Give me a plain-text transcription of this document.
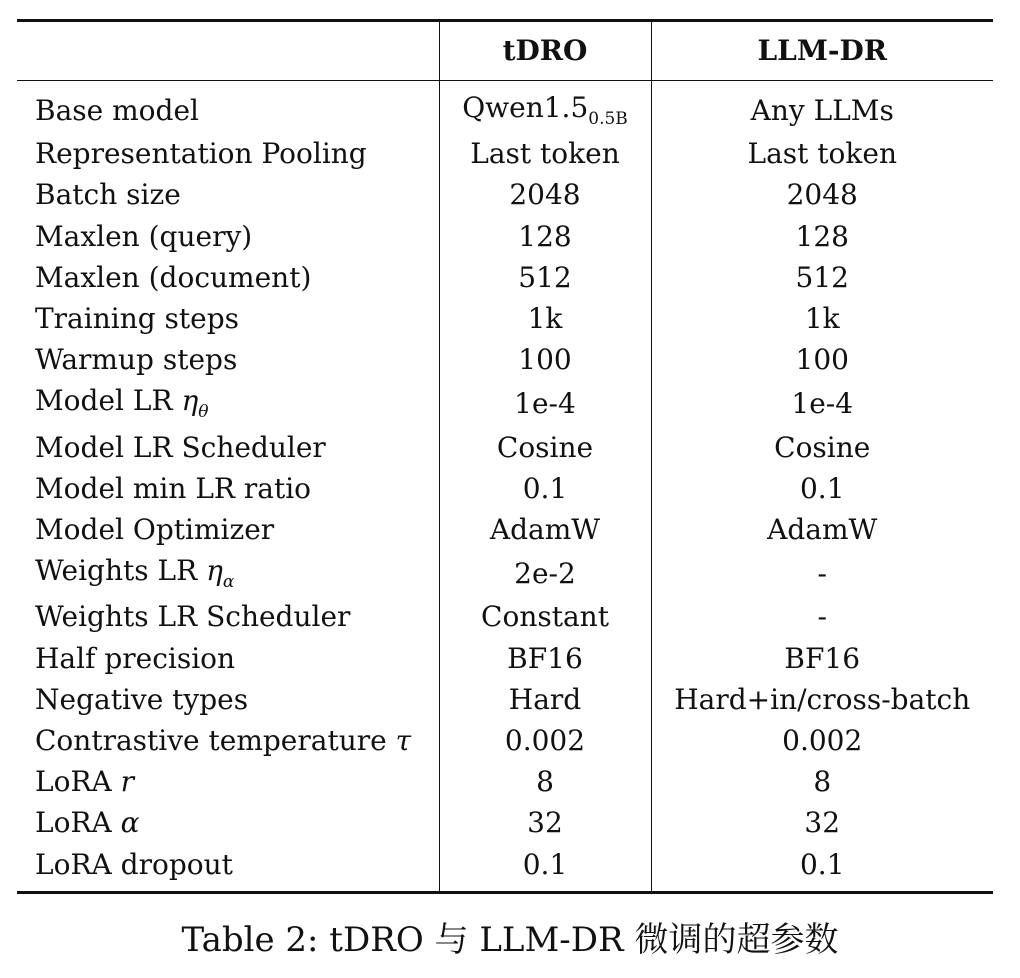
	tDRO	LLM-DR
Base model	$Qwen1.5_{0.5B}$	Any LLMs
Representation Pooling	Last token	Last token
Batch size	2048	2048
Maxlen (query)	128	128
Maxlen (document)	512	512
Training steps	1k	1k
Warmup steps	100	100
Model LR $\eta_\theta$	1e-4	1e-4
Model LR Scheduler	Cosine	Cosine
Model min LR ratio	0.1	0.1
Model Optimizer	AdamW	AdamW
Weights LR $\eta_\alpha$	2e-2	-
Weights LR Scheduler	Constant	-
Half precision	BF16	BF16
Negative types	Hard	Hard+in/cross-batch
Contrastive temperature τ	0.002	0.002
LoRA r	8	8
LoRA α	32	32
LoRA dropout	0.1	0.1
Table 2: tDRO 与 LLM-DR 微调的超参数
